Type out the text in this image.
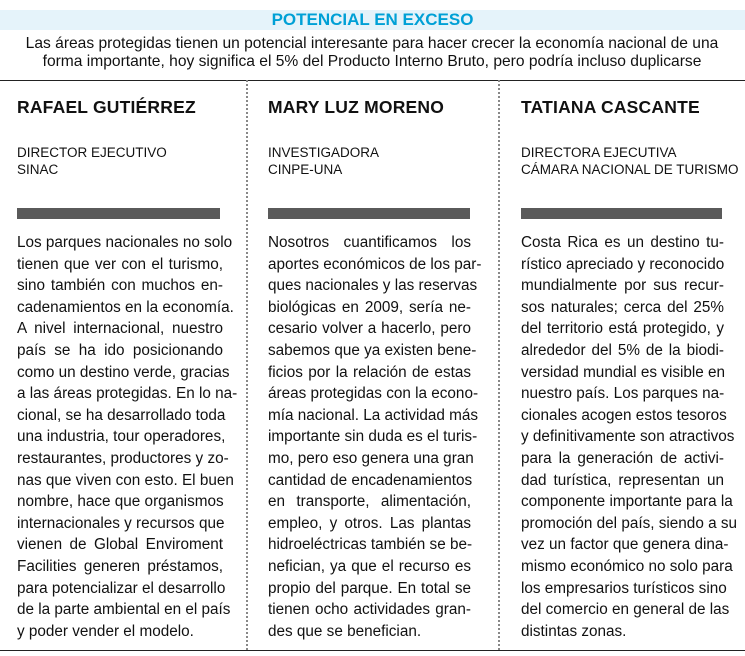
POTENCIAL EN EXCESO
Las áreas protegidas tienen un potencial interesante para hacer crecer la economía nacional de una
forma importante, hoy significa el 5% del Producto Interno Bruto, pero podría incluso duplicarse
RAFAEL GUTIÉRREZ
DIRECTOR EJECUTIVO
SINAC
Los parques nacionales no solo
tienen que ver con el turismo,
sino también con muchos en-
cadenamientos en la economía.
A nivel internacional, nuestro
país se ha ido posicionando
como un destino verde, gracias
a las áreas protegidas. En lo na-
cional, se ha desarrollado toda
una industria, tour operadores,
restaurantes, productores y zo-
nas que viven con esto. El buen
nombre, hace que organismos
internacionales y recursos que
vienen de Global Enviroment
Facilities generen préstamos,
para potencializar el desarrollo
de la parte ambiental en el país
y poder vender el modelo.
MARY LUZ MORENO
INVESTIGADORA
CINPE-UNA
Nosotros cuantificamos los
aportes económicos de los par-
ques nacionales y las reservas
biológicas en 2009, sería ne-
cesario volver a hacerlo, pero
sabemos que ya existen bene-
ficios por la relación de estas
áreas protegidas con la econo-
mía nacional. La actividad más
importante sin duda es el turis-
mo, pero eso genera una gran
cantidad de encadenamientos
en transporte, alimentación,
empleo, y otros. Las plantas
hidroeléctricas también se be-
nefician, ya que el recurso es
propio del parque. En total se
tienen ocho actividades gran-
des que se benefician.
TATIANA CASCANTE
DIRECTORA EJECUTIVA
CÁMARA NACIONAL DE TURISMO
Costa Rica es un destino tu-
rístico apreciado y reconocido
mundialmente por sus recur-
sos naturales; cerca del 25%
del territorio está protegido, y
alrededor del 5% de la biodi-
versidad mundial es visible en
nuestro país. Los parques na-
cionales acogen estos tesoros
y definitivamente son atractivos
para la generación de activi-
dad turística, representan un
componente importante para la
promoción del país, siendo a su
vez un factor que genera dina-
mismo económico no solo para
los empresarios turísticos sino
del comercio en general de las
distintas zonas.
